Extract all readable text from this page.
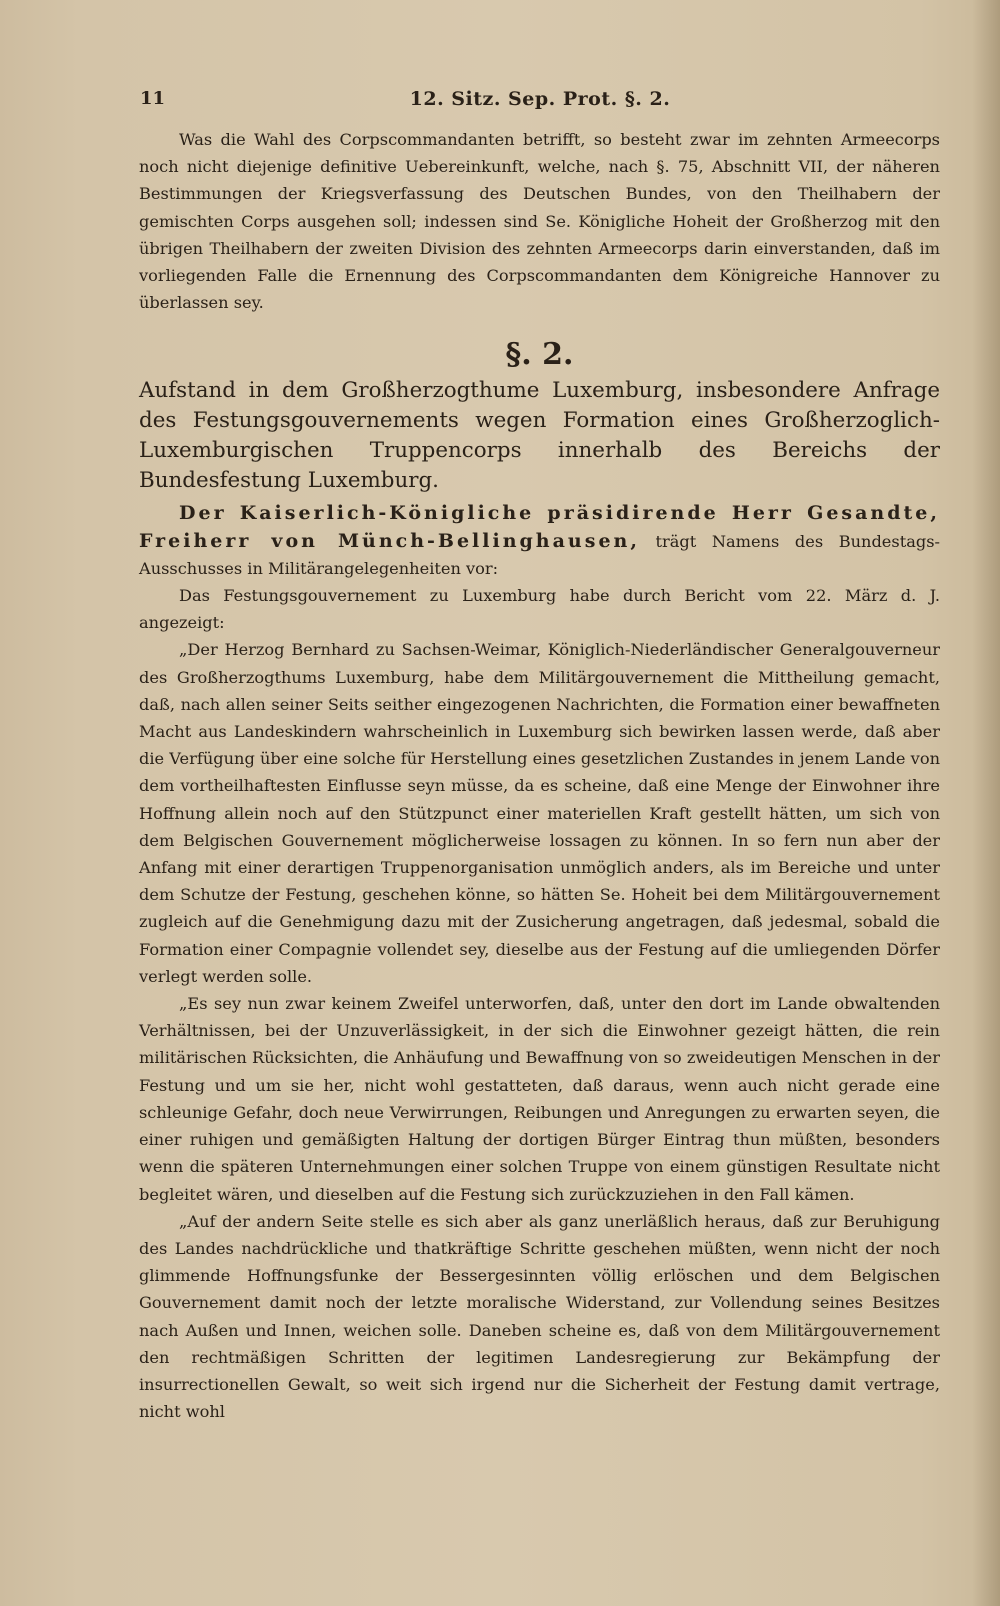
11	12. Sitz. Sep. Prot. §. 2.

Was die Wahl des Corpscommandanten betrifft, so besteht zwar im zehnten Armeecorps noch nicht diejenige definitive Uebereinkunft, welche, nach §. 75, Abschnitt VII, der näheren Bestimmungen der Kriegsverfassung des Deutschen Bundes, von den Theilhabern der gemischten Corps ausgehen soll; indessen sind Se. Königliche Hoheit der Großherzog mit den übrigen Theilhabern der zweiten Division des zehnten Armeecorps darin einverstanden, daß im vorliegenden Falle die Ernennung des Corpscommandanten dem Königreiche Hannover zu überlassen sey.

§. 2.

Aufstand in dem Großherzogthume Luxemburg, insbesondere Anfrage des Festungsgouvernements wegen Formation eines Großherzoglich-Luxemburgischen Truppencorps innerhalb des Bereichs der Bundesfestung Luxemburg.

Der Kaiserlich-Königliche präsidirende Herr Gesandte, Freiherr von Münch-Bellinghausen, trägt Namens des Bundestags-Ausschusses in Militärangelegenheiten vor:

Das Festungsgouvernement zu Luxemburg habe durch Bericht vom 22. März d. J. angezeigt:

„Der Herzog Bernhard zu Sachsen-Weimar, Königlich-Niederländischer Generalgouverneur des Großherzogthums Luxemburg, habe dem Militärgouvernement die Mittheilung gemacht, daß, nach allen seiner Seits seither eingezogenen Nachrichten, die Formation einer bewaffneten Macht aus Landeskindern wahrscheinlich in Luxemburg sich bewirken lassen werde, daß aber die Verfügung über eine solche für Herstellung eines gesetzlichen Zustandes in jenem Lande von dem vortheilhaftesten Einflusse seyn müsse, da es scheine, daß eine Menge der Einwohner ihre Hoffnung allein noch auf den Stützpunct einer materiellen Kraft gestellt hätten, um sich von dem Belgischen Gouvernement möglicherweise lossagen zu können. In so fern nun aber der Anfang mit einer derartigen Truppenorganisation unmöglich anders, als im Bereiche und unter dem Schutze der Festung, geschehen könne, so hätten Se. Hoheit bei dem Militärgouvernement zugleich auf die Genehmigung dazu mit der Zusicherung angetragen, daß jedesmal, sobald die Formation einer Compagnie vollendet sey, dieselbe aus der Festung auf die umliegenden Dörfer verlegt werden solle.

„Es sey nun zwar keinem Zweifel unterworfen, daß, unter den dort im Lande obwaltenden Verhältnissen, bei der Unzuverlässigkeit, in der sich die Einwohner gezeigt hätten, die rein militärischen Rücksichten, die Anhäufung und Bewaffnung von so zweideutigen Menschen in der Festung und um sie her, nicht wohl gestatteten, daß daraus, wenn auch nicht gerade eine schleunige Gefahr, doch neue Verwirrungen, Reibungen und Anregungen zu erwarten seyen, die einer ruhigen und gemäßigten Haltung der dortigen Bürger Eintrag thun müßten, besonders wenn die späteren Unternehmungen einer solchen Truppe von einem günstigen Resultate nicht begleitet wären, und dieselben auf die Festung sich zurückzuziehen in den Fall kämen.

„Auf der andern Seite stelle es sich aber als ganz unerläßlich heraus, daß zur Beruhigung des Landes nachdrückliche und thatkräftige Schritte geschehen müßten, wenn nicht der noch glimmende Hoffnungsfunke der Bessergesinnten völlig erlöschen und dem Belgischen Gouvernement damit noch der letzte moralische Widerstand, zur Vollendung seines Besitzes nach Außen und Innen, weichen solle. Daneben scheine es, daß von dem Militärgouvernement den rechtmäßigen Schritten der legitimen Landesregierung zur Bekämpfung der insurrectionellen Gewalt, so weit sich irgend nur die Sicherheit der Festung damit vertrage, nicht wohl
